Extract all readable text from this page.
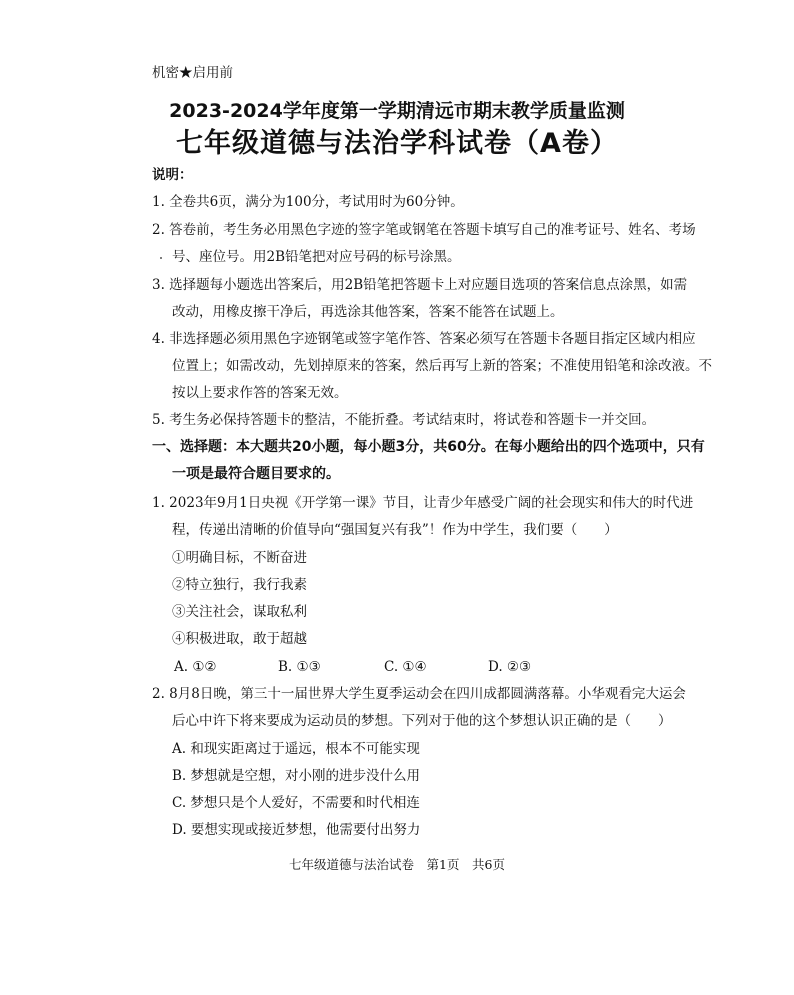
机密★启用前
2023-2024学年度第一学期清远市期末教学质量监测
七年级道德与法治学科试卷（A卷）
说明：
1. 全卷共6页，满分为100分，考试用时为60分钟。
2. 答卷前，考生务必用黑色字迹的签字笔或钢笔在答题卡填写自己的准考证号、姓名、考场
号、座位号。用2B铅笔把对应号码的标号涂黑。
3. 选择题每小题选出答案后，用2B铅笔把答题卡上对应题目选项的答案信息点涂黑，如需
改动，用橡皮擦干净后，再选涂其他答案，答案不能答在试题上。
4. 非选择题必须用黑色字迹钢笔或签字笔作答、答案必须写在答题卡各题目指定区域内相应
位置上；如需改动，先划掉原来的答案，然后再写上新的答案；不准使用铅笔和涂改液。不
按以上要求作答的答案无效。
5. 考生务必保持答题卡的整洁，不能折叠。考试结束时，将试卷和答题卡一并交回。
一、选择题：本大题共20小题，每小题3分，共60分。在每小题给出的四个选项中，只有
一项是最符合题目要求的。
1. 2023年9月1日央视《开学第一课》节目，让青少年感受广阔的社会现实和伟大的时代进
程，传递出清晰的价值导向“强国复兴有我”！作为中学生，我们要（　　）
①明确目标，不断奋进
②特立独行，我行我素
③关注社会，谋取私利
④积极进取，敢于超越
A. ①②	B. ①③	C. ①④	D. ②③
2. 8月8日晚，第三十一届世界大学生夏季运动会在四川成都圆满落幕。小华观看完大运会
后心中许下将来要成为运动员的梦想。下列对于他的这个梦想认识正确的是（　　）
A. 和现实距离过于遥远，根本不可能实现
B. 梦想就是空想，对小刚的进步没什么用
C. 梦想只是个人爱好，不需要和时代相连
D. 要想实现或接近梦想，他需要付出努力
七年级道德与法治试卷　第1页　共6页
